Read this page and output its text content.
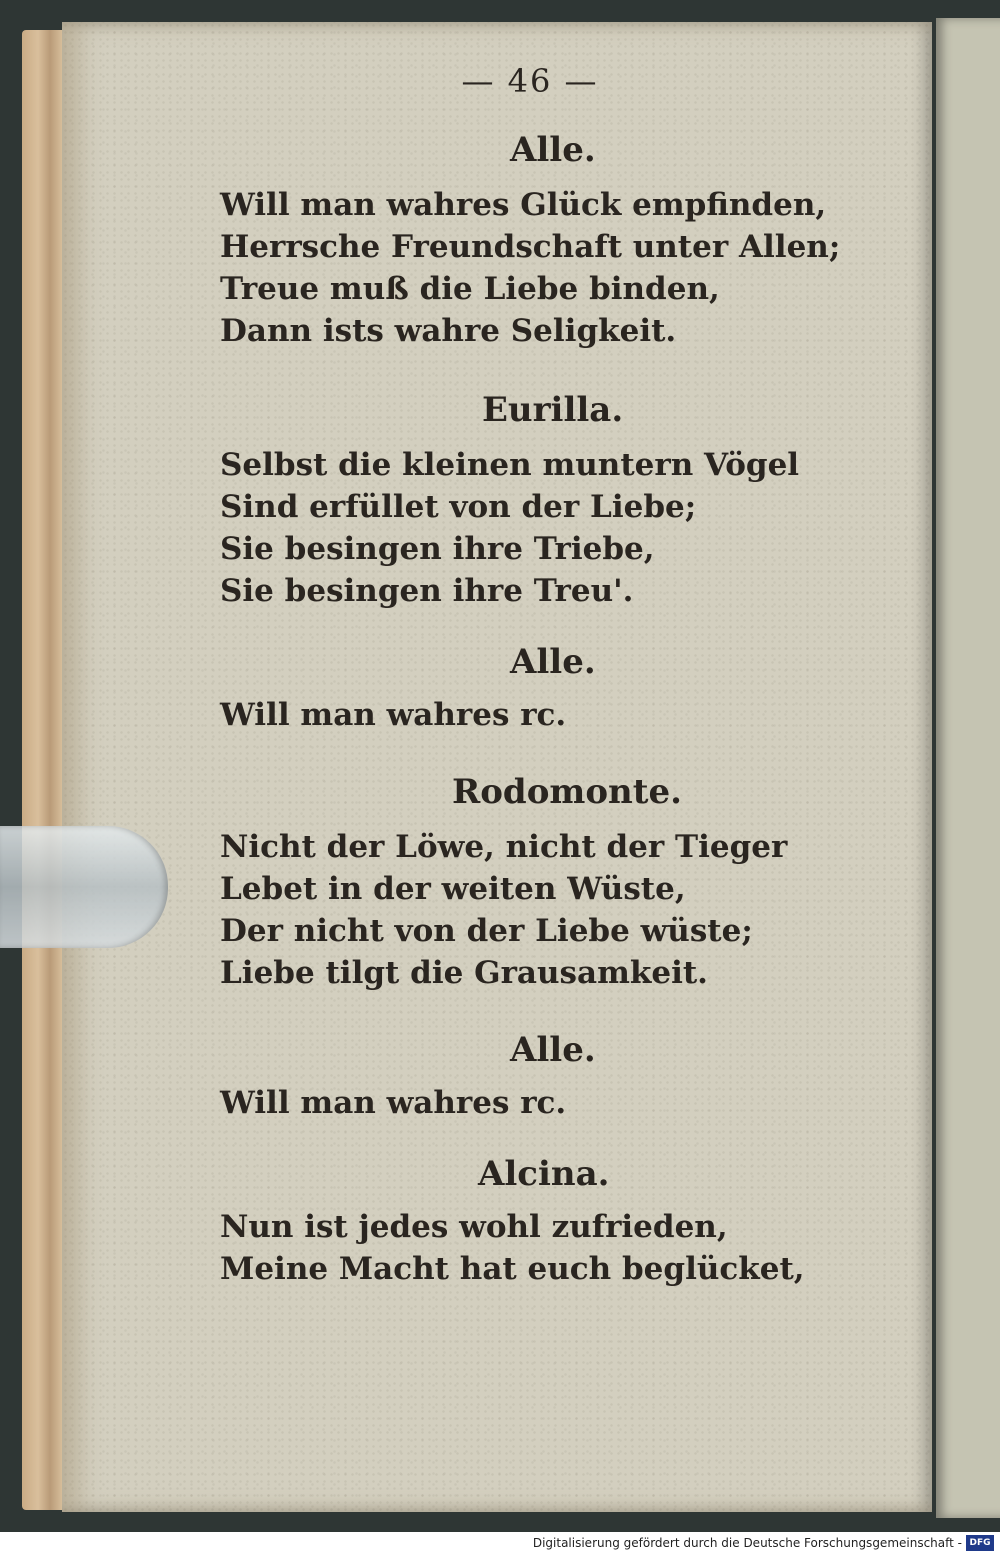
— 46 —
Alle.
Will man wahres Glück empfinden,
Herrsche Freundschaft unter Allen;
Treue muß die Liebe binden,
Dann ists wahre Seligkeit.
Eurilla.
Selbst die kleinen muntern Vögel
Sind erfüllet von der Liebe;
Sie besingen ihre Triebe,
Sie besingen ihre Treu'.
Alle.
Will man wahres rc.
Rodomonte.
Nicht der Löwe, nicht der Tieger
Lebet in der weiten Wüste,
Der nicht von der Liebe wüste;
Liebe tilgt die Grausamkeit.
Alle.
Will man wahres rc.
Alcina.
Nun ist jedes wohl zufrieden,
Meine Macht hat euch beglücket,
Digitalisierung gefördert durch die Deutsche Forschungsgemeinschaft - DFG
